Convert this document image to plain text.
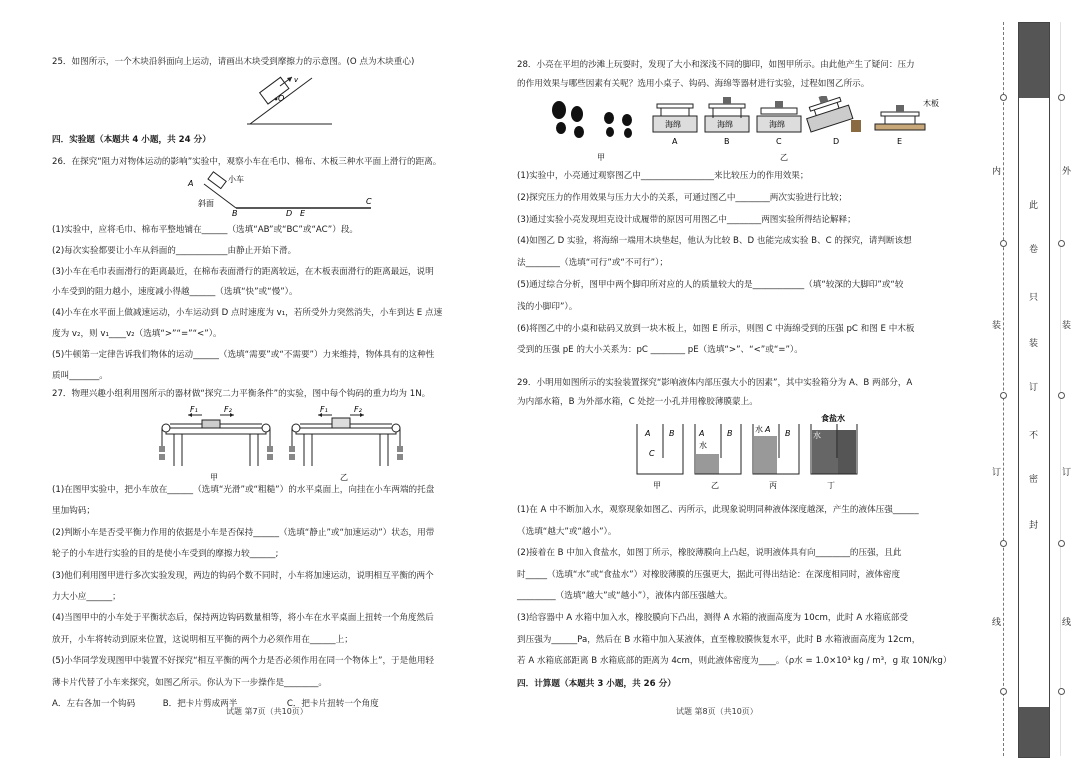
25．如图所示，一个木块沿斜面向上运动，请画出木块受到摩擦力的示意图。(O 点为木块重心)

O
v
四．实验题（本题共 4 小题，共 24 分）

26．在探究“阻力对物体运动的影响”实验中，观察小车在毛巾、棉布、木板三种水平面上滑行的距离。

A
B	D E
C
小车
斜面

(1)实验中，应将毛巾、棉布平整地铺在______（选填“AB”或“BC”或“AC”）段。

(2)每次实验都要让小车从斜面的____________由静止开始下滑。

(3)小车在毛巾表面滑行的距离最近，在棉布表面滑行的距离较远，在木板表面滑行的距离最远，说明

小车受到的阻力越小，速度减小得越______（选填“快”或“慢”）。

(4)小车在水平面上做减速运动，小车运动到 D 点时速度为 v₁，若所受外力突然消失，小车到达 E 点速

度为 v₂，则 v₁____v₂（选填“>”“=”“<”）。

(5)牛顿第一定律告诉我们物体的运动______（选填“需要”或“不需要”）力来维持，物体具有的这种性

质叫_______。

27．物理兴趣小组利用图所示的器材做“探究二力平衡条件”的实验，图中每个钩码的重力均为 1N。

F₁	F₂
甲
F₁	F₂
乙

(1)在图甲实验中，把小车放在______（选填“光滑”或“粗糙”）的水平桌面上，向挂在小车两端的托盘

里加钩码；

(2)判断小车是否受平衡力作用的依据是小车是否保持______（选填“静止”或“加速运动”）状态，用带

轮子的小车进行实验的目的是使小车受到的摩擦力较______;

(3)他们利用图甲进行多次实验发现，两边的钩码个数不同时，小车将加速运动，说明相互平衡的两个

力大小应______；

(4)当图甲中的小车处于平衡状态后，保持两边钩码数量相等，将小车在水平桌面上扭转一个角度然后

放开，小车将转动到原来位置，这说明相互平衡的两个力必须作用在______上；

(5)小华同学发现图甲中装置不好探究“相互平衡的两个力是否必须作用在同一个物体上”，于是他用轻

薄卡片代替了小车来探究，如图乙所示。你认为下一步操作是________。

A．左右各加一个钩码	B．把卡片剪成两半	C．把卡片扭转一个角度

试题 第7页（共10页）

28．小亮在平坦的沙滩上玩耍时，发现了大小和深浅不同的脚印，如图甲所示。由此他产生了疑问：压力

的作用效果与哪些因素有关呢？选用小桌子、钩码、海绵等器材进行实验，过程如图乙所示。

甲
海绵
A
海绵
B
海绵
C	D
木板
E
乙

(1)实验中，小亮通过观察图乙中_________________来比较压力的作用效果；

(2)探究压力的作用效果与压力大小的关系，可通过图乙中________两次实验进行比较；

(3)通过实验小亮发现坦克设计成履带的原因可用图乙中________两图实验所得结论解释；

(4)如图乙 D 实验，将海绵一端用木块垫起，他认为比较 B、D 也能完成实验 B、C 的探究，请判断该想

法________（选填“可行”或“不可行”）；

(5)通过综合分析，图甲中两个脚印所对应的人的质量较大的是____________（填“较深的大脚印”或“较

浅的小脚印”）。

(6)将图乙中的小桌和砝码又放到一块木板上，如图 E 所示，则图 C 中海绵受到的压强 pC 和图 E 中木板

受到的压强 pE 的大小关系为：pC ________ pE（选填“>”、“<”或“=”）。

29．小明用如图所示的实验装置探究“影响液体内部压强大小的因素”，其中实验箱分为 A、B 两部分，A

为内部水箱，B 为外部水箱，C 处挖一小孔并用橡胶薄膜蒙上。

A B
C
甲
A	B
水
乙
水 A B
丙
水
食盐水
丁

(1)在 A 中不断加入水，观察现象如图乙、丙所示，此现象说明同种液体深度越深，产生的液体压强______

（选填“越大”或“越小”）。

(2)接着在 B 中加入食盐水，如图丁所示，橡胶薄膜向上凸起，说明液体具有向________的压强，且此

时_____（选填“水”或“食盐水”）对橡胶薄膜的压强更大，据此可得出结论：在深度相同时，液体密度

_________（选填“越大”或“越小”），液体内部压强越大。

(3)给容器中 A 水箱中加入水，橡胶膜向下凸出，测得 A 水箱的液面高度为 10cm，此时 A 水箱底部受

到压强为______Pa，然后在 B 水箱中加入某液体，直至橡胶膜恢复水平，此时 B 水箱液面高度为 12cm，

若 A 水箱底部距离 B 水箱底部的距离为 4cm，则此液体密度为____。（ρ水 = 1.0×10³ kg / m³，g 取 10N/kg）

四．计算题（本题共 3 小题，共 26 分）
试题 第8页（共10页）
内
装
订
线
外
装
订
线
此
卷
只
装
订
不
密
封
